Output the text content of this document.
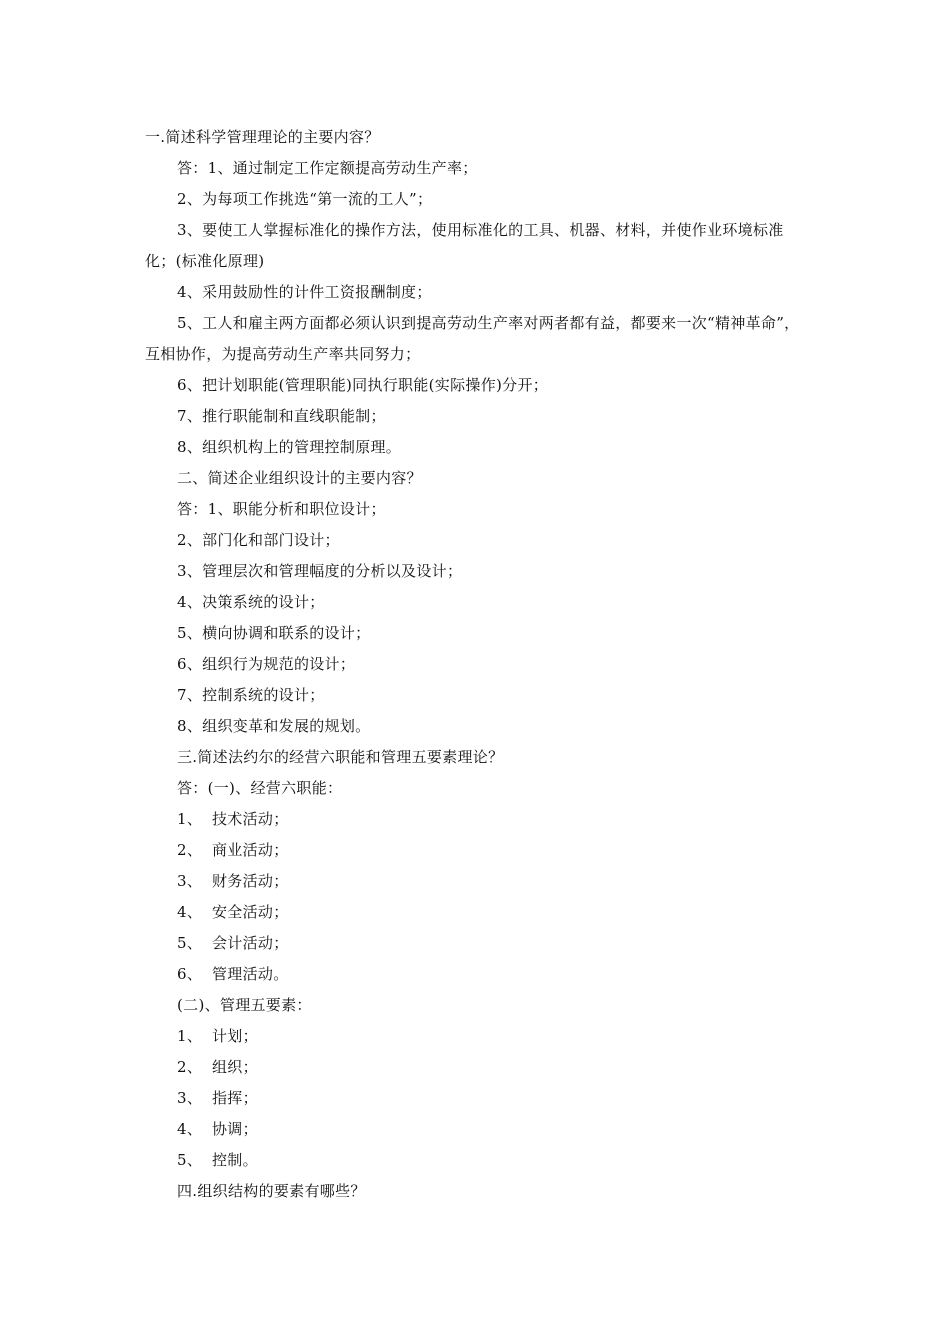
一.简述科学管理理论的主要内容？
答：1、通过制定工作定额提高劳动生产率；
2、为每项工作挑选“第一流的工人”；
3、要使工人掌握标准化的操作方法，使用标准化的工具、机器、材料，并使作业环境标准化；(标准化原理)
4、采用鼓励性的计件工资报酬制度；
5、工人和雇主两方面都必须认识到提高劳动生产率对两者都有益，都要来一次“精神革命”，互相协作，为提高劳动生产率共同努力；
6、把计划职能(管理职能)同执行职能(实际操作)分开；
7、推行职能制和直线职能制；
8、组织机构上的管理控制原理。
二、简述企业组织设计的主要内容？
答：1、职能分析和职位设计；
2、部门化和部门设计；
3、管理层次和管理幅度的分析以及设计；
4、决策系统的设计；
5、横向协调和联系的设计；
6、组织行为规范的设计；
7、控制系统的设计；
8、组织变革和发展的规划。
三.简述法约尔的经营六职能和管理五要素理论？
答：(一)、经营六职能：
1、 技术活动；
2、 商业活动；
3、 财务活动；
4、 安全活动；
5、 会计活动；
6、 管理活动。
(二)、管理五要素：
1、 计划；
2、 组织；
3、 指挥；
4、 协调；
5、 控制。
四.组织结构的要素有哪些？
